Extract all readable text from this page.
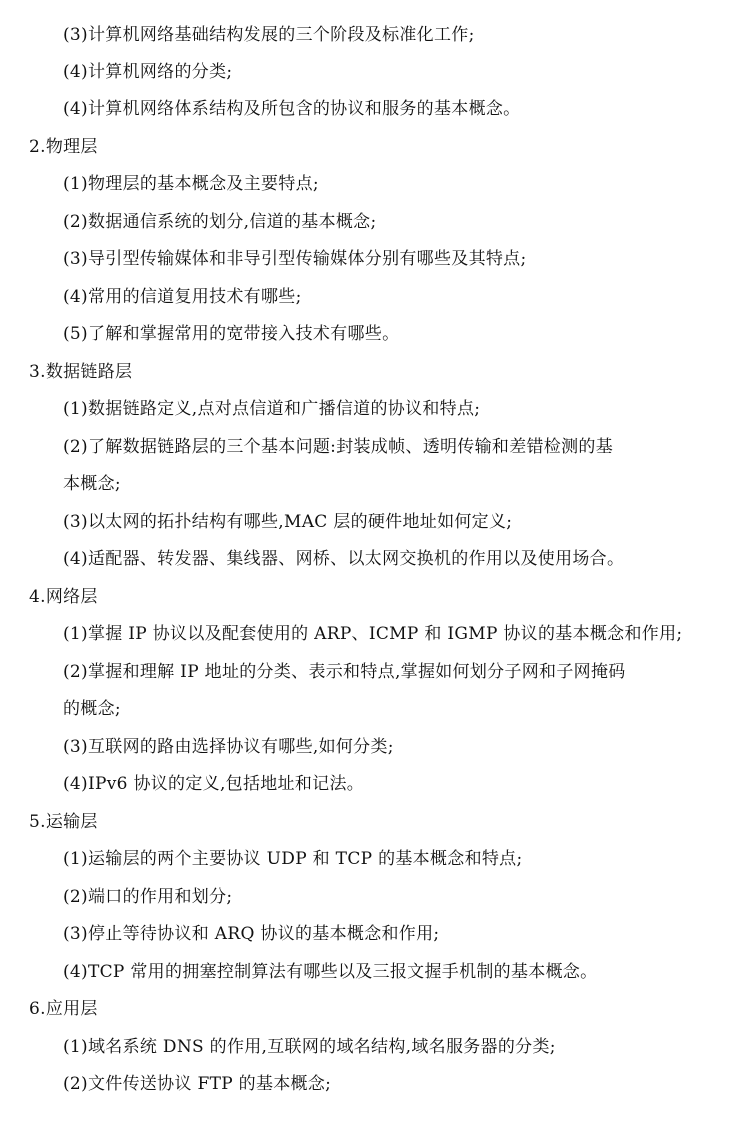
(3)计算机网络基础结构发展的三个阶段及标准化工作;
(4)计算机网络的分类;
(4)计算机网络体系结构及所包含的协议和服务的基本概念。
2.物理层
(1)物理层的基本概念及主要特点;
(2)数据通信系统的划分,信道的基本概念;
(3)导引型传输媒体和非导引型传输媒体分别有哪些及其特点;
(4)常用的信道复用技术有哪些;
(5)了解和掌握常用的宽带接入技术有哪些。
3.数据链路层
(1)数据链路定义,点对点信道和广播信道的协议和特点;
(2)了解数据链路层的三个基本问题:封装成帧、透明传输和差错检测的基
本概念;
(3)以太网的拓扑结构有哪些,MAC 层的硬件地址如何定义;
(4)适配器、转发器、集线器、网桥、以太网交换机的作用以及使用场合。
4.网络层
(1)掌握 IP 协议以及配套使用的 ARP、ICMP 和 IGMP 协议的基本概念和作用;
(2)掌握和理解 IP 地址的分类、表示和特点,掌握如何划分子网和子网掩码
的概念;
(3)互联网的路由选择协议有哪些,如何分类;
(4)IPv6 协议的定义,包括地址和记法。
5.运输层
(1)运输层的两个主要协议 UDP 和 TCP 的基本概念和特点;
(2)端口的作用和划分;
(3)停止等待协议和 ARQ 协议的基本概念和作用;
(4)TCP 常用的拥塞控制算法有哪些以及三报文握手机制的基本概念。
6.应用层
(1)域名系统 DNS 的作用,互联网的域名结构,域名服务器的分类;
(2)文件传送协议 FTP 的基本概念;
